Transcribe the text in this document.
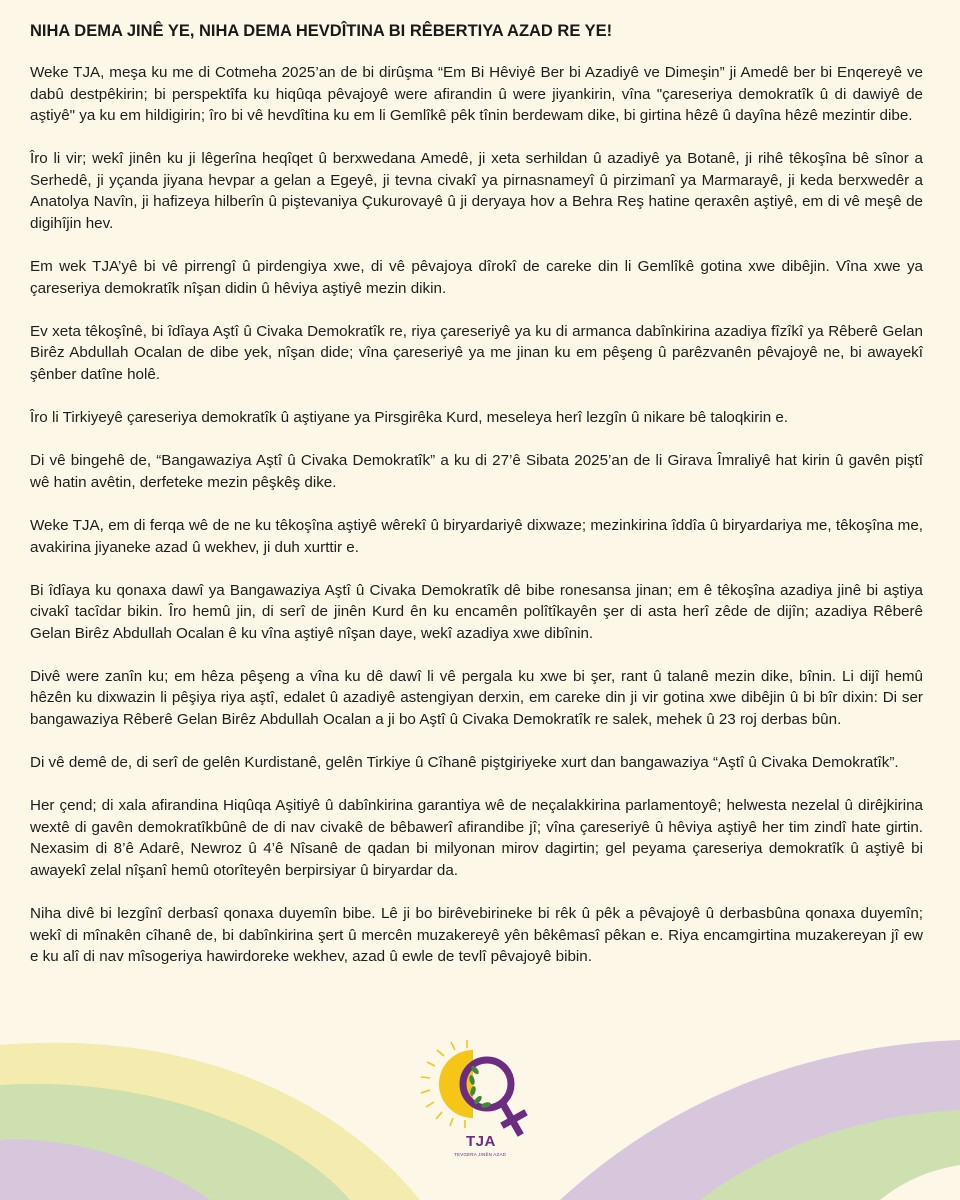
NIHA DEMA JINÊ YE, NIHA DEMA HEVDÎTINA BI RÊBERTIYA AZAD RE YE!

Weke TJA, meşa ku me di Cotmeha 2025’an de bi dirûşma “Em Bi Hêviyê Ber bi Azadiyê ve Dimeşin” ji Amedê ber bi Enqereyê ve dabû destpêkirin; bi perspektîfa ku hiqûqa pêvajoyê were afirandin û were jiyankirin, vîna "çareseriya demokratîk û di dawiyê de aştiyê" ya ku em hildigirin; îro bi vê hevdîtina ku em li Gemlîkê pêk tînin berdewam dike, bi girtina hêzê û dayîna hêzê mezintir dibe.

Îro li vir; wekî jinên ku ji lêgerîna heqîqet û berxwedana Amedê, ji xeta serhildan û azadiyê ya Botanê, ji rihê têkoşîna bê sînor a Serhedê, ji yçanda jiyana hevpar a gelan a Egeyê, ji tevna civakî ya pirnasnameyî û pirzimanî ya Marmarayê, ji keda berxwedêr a Anatolya Navîn, ji hafizeya hilberîn û piştevaniya Çukurovayê û ji deryaya hov a Behra Reş hatine qeraxên aştiyê, em di vê meşê de digihîjin hev.

Em wek TJA’yê bi vê pirrengî û pirdengiya xwe, di vê pêvajoya dîrokî de careke din li Gemlîkê gotina xwe dibêjin. Vîna xwe ya çareseriya demokratîk nîşan didin û hêviya aştiyê mezin dikin.

Ev xeta têkoşînê, bi îdîaya Aştî û Civaka Demokratîk re, riya çareseriyê ya ku di armanca dabînkirina azadiya fîzîkî ya Rêberê Gelan Birêz Abdullah Ocalan de dibe yek, nîşan dide; vîna çareseriyê ya me jinan ku em pêşeng û parêzvanên pêvajoyê ne, bi awayekî şênber datîne holê.

Îro li Tirkiyeyê çareseriya demokratîk û aştiyane ya Pirsgirêka Kurd, meseleya herî lezgîn û nikare bê taloqkirin e.

Di vê bingehê de, “Bangawaziya Aştî û Civaka Demokratîk” a ku di 27’ê Sibata 2025’an de li Girava Îmraliyê hat kirin û gavên piştî wê hatin avêtin, derfeteke mezin pêşkêş dike.

Weke TJA, em di ferqa wê de ne ku têkoşîna aştiyê wêrekî û biryardariyê dixwaze; mezinkirina îddîa û biryardariya me, têkoşîna me, avakirina jiyaneke azad û wekhev, ji duh xurttir e.

Bi îdîaya ku qonaxa dawî ya Bangawaziya Aştî û Civaka Demokratîk dê bibe ronesansa jinan; em ê têkoşîna azadiya jinê bi aştiya civakî tacîdar bikin. Îro hemû jin, di serî de jinên Kurd ên ku encamên polîtîkayên şer di asta herî zêde de dijîn; azadiya Rêberê Gelan Birêz Abdullah Ocalan ê ku vîna aştiyê nîşan daye, wekî azadiya xwe dibînin.

Divê were zanîn ku; em hêza pêşeng a vîna ku dê dawî li vê pergala ku xwe bi şer, rant û talanê mezin dike, bînin. Li dijî hemû hêzên ku dixwazin li pêşiya riya aştî, edalet û azadiyê astengiyan derxin, em careke din ji vir gotina xwe dibêjin û bi bîr dixin: Di ser bangawaziya Rêberê Gelan Birêz Abdullah Ocalan a ji bo Aştî û Civaka Demokratîk re salek, mehek û 23 roj derbas bûn.

Di vê demê de, di serî de gelên Kurdistanê, gelên Tirkiye û Cîhanê piştgiriyeke xurt dan bangawaziya “Aştî û Civaka Demokratîk”.

Her çend; di xala afirandina Hiqûqa Aşitiyê û dabînkirina garantiya wê de neçalakkirina parlamentoyê; helwesta nezelal û dirêjkirina wextê di gavên demokratîkbûnê de di nav civakê de bêbawerî afirandibe jî; vîna çareseriyê û hêviya aştiyê her tim zindî hate girtin. Nexasim di 8’ê Adarê, Newroz û 4’ê Nîsanê de qadan bi milyonan mirov dagirtin; gel peyama çareseriya demokratîk û aştiyê bi awayekî zelal nîşanî hemû otorîteyên berpirsiyar û biryardar da.

Niha divê bi lezgînî derbasî qonaxa duyemîn bibe. Lê ji bo birêvebirineke bi rêk û pêk a pêvajoyê û derbasbûna qonaxa duyemîn; wekî di mînakên cîhanê de, bi dabînkirina şert û mercên muzakereyê yên bêkêmasî pêkan e. Riya encamgirtina muzakereyan jî ew e ku alî di nav mîsogeriya hawirdoreke wekhev, azad û ewle de tevlî pêvajoyê bibin.

TJA
TEVGERA JINÊN AZAD
